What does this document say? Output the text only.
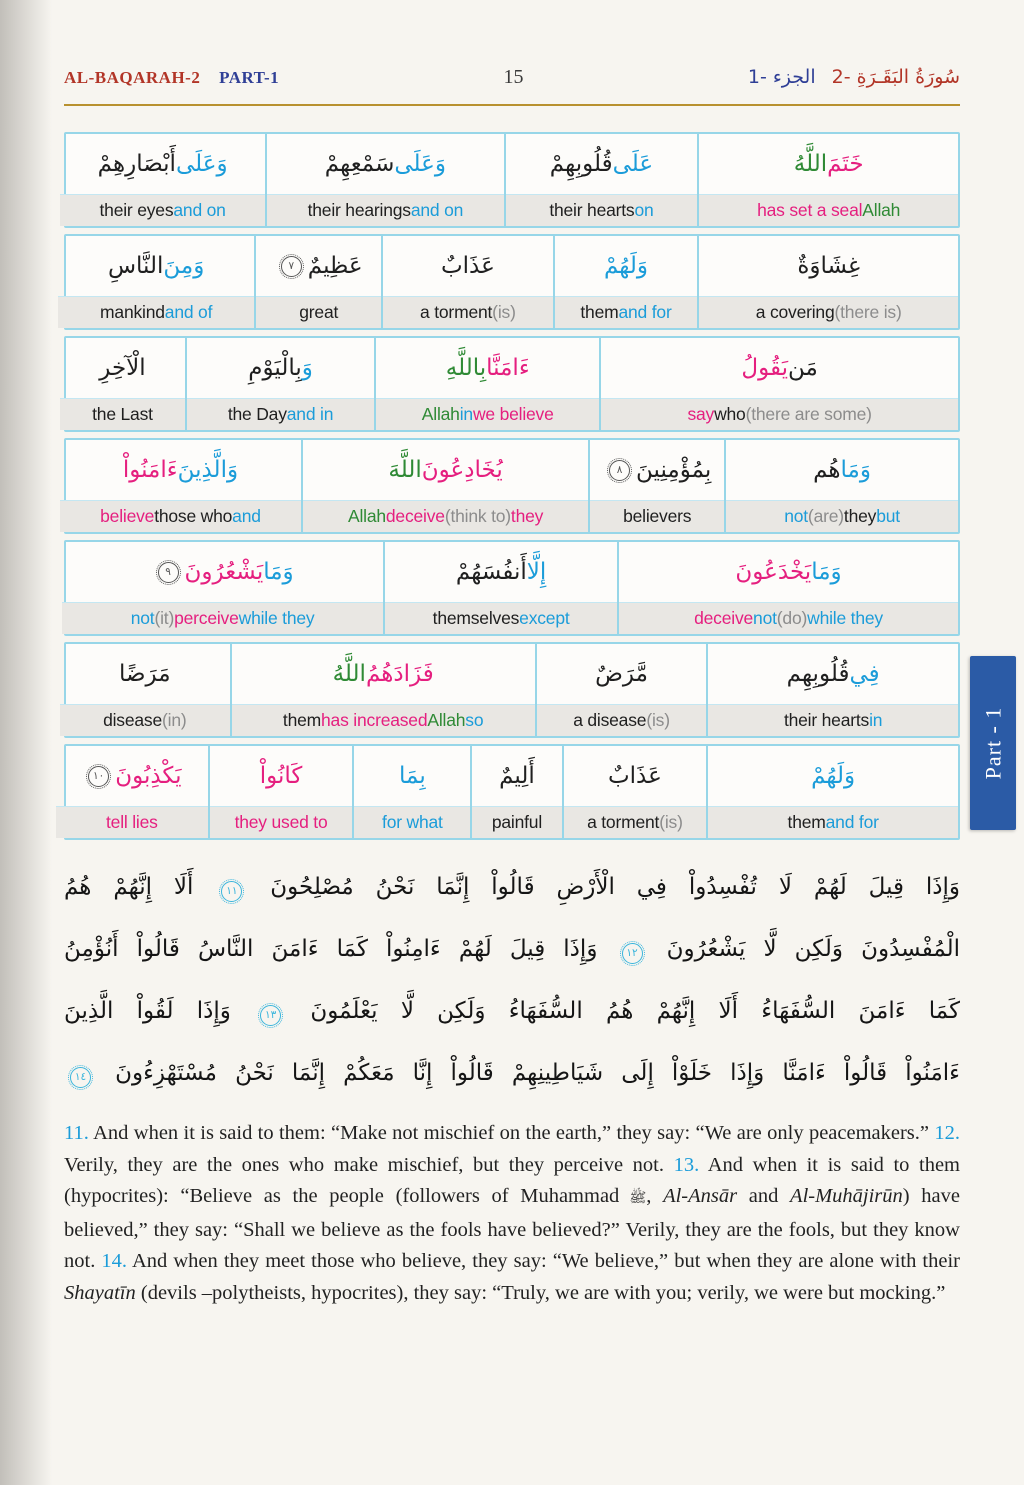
AL-BAQARAH-2 PART-1	15	سُورَةُ البَقَـرَةِ -2 الجزء -1
خَتَمَ
اللَّهُ
Allah
has set a seal
عَلَى
قُلُوبِهِمْ
on
their hearts
وَعَلَى
سَمْعِهِمْ
and on
their hearings
وَعَلَى
أَبْصَارِهِمْ
and on
their eyes
غِشَاوَةٌ
(there is)
a covering
وَلَهُمْ
and for
them
عَذَابٌ
(is)
a torment
عَظِيمٌ
٧
great
وَمِنَ
النَّاسِ
and of
mankind
مَن
يَقُولُ
(there are some)
who
say
ءَامَنَّا
بِاللَّهِ
we believe
in
Allah
وَ
بِالْيَوْمِ
and in
the Day
الْآخِرِ
the Last
وَمَا
هُم
but
they
(are)
not
بِمُؤْمِنِينَ
٨
believers
يُخَادِعُونَ
اللَّهَ
they
(think to)
deceive
Allah
وَالَّذِينَ
ءَامَنُواْ
and
those who
believe
وَمَا
يَخْدَعُونَ
while they
(do)
not
deceive
إِلَّا
أَنفُسَهُمْ
except
themselves
وَمَا
يَشْعُرُونَ
٩
while they
perceive
(it)
not
فِي
قُلُوبِهِم
in
their hearts
مَّرَضٌ
(is)
a disease
فَزَادَهُمُ
اللَّهُ
so
Allah
has increased
them
مَرَضًا
(in)
disease
وَلَهُمْ
and for
them
عَذَابٌ
(is)
a torment
أَلِيمٌ
painful
بِمَا
for what
كَانُواْ
they used to
يَكْذِبُونَ
١٠
tell lies
وَإِذَا قِيلَ لَهُمْ لَا تُفْسِدُواْ فِي الْأَرْضِ قَالُواْ إِنَّمَا نَحْنُ مُصْلِحُونَ ١١ أَلَا إِنَّهُمْ هُمُ
الْمُفْسِدُونَ وَلَكِن لَّا يَشْعُرُونَ ١٢ وَإِذَا قِيلَ لَهُمْ ءَامِنُواْ كَمَا ءَامَنَ النَّاسُ قَالُواْ أَنُؤْمِنُ
كَمَا ءَامَنَ السُّفَهَاءُ أَلَا إِنَّهُمْ هُمُ السُّفَهَاءُ وَلَكِن لَّا يَعْلَمُونَ ١٣ وَإِذَا لَقُواْ الَّذِينَ
ءَامَنُواْ قَالُواْ ءَامَنَّا وَإِذَا خَلَوْاْ إِلَى شَيَاطِينِهِمْ قَالُواْ إِنَّا مَعَكُمْ إِنَّمَا نَحْنُ مُسْتَهْزِءُونَ ١٤

11. And when it is said to them: “Make not mischief on the earth,” they say: “We are only peacemakers.” 12. Verily, they are the ones who make mischief, but they perceive not. 13. And when it is said to them (hypocrites): “Believe as the people (followers of Muhammad ﷺ, Al-Ansār and Al-Muhājirūn) have believed,” they say: “Shall we believe as the fools have believed?” Verily, they are the fools, but they know not. 14. And when they meet those who believe, they say: “We believe,” but when they are alone with their Shayatīn (devils –polytheists, hypocrites), they say: “Truly, we are with you; verily, we were but mocking.”

Part - 1
